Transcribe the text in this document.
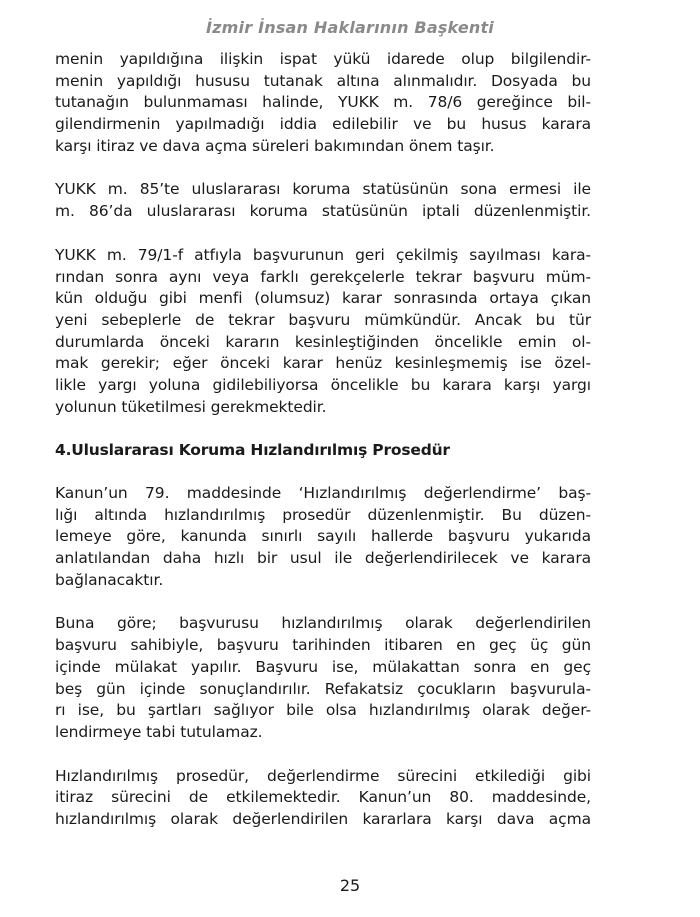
İzmir İnsan Haklarının Başkenti
menin yapıldığına ilişkin ispat yükü idarede olup bilgilendir-
menin yapıldığı hususu tutanak altına alınmalıdır. Dosyada bu
tutanağın bulunmaması halinde, YUKK m. 78/6 gereğince bil-
gilendirmenin yapılmadığı iddia edilebilir ve bu husus karara
karşı itiraz ve dava açma süreleri bakımından önem taşır.
YUKK m. 85’te uluslararası koruma statüsünün sona ermesi ile
m. 86’da uluslararası koruma statüsünün iptali düzenlenmiştir.
YUKK m. 79/1-f atfıyla başvurunun geri çekilmiş sayılması kara-
rından sonra aynı veya farklı gerekçelerle tekrar başvuru müm-
kün olduğu gibi menfi (olumsuz) karar sonrasında ortaya çıkan
yeni sebeplerle de tekrar başvuru mümkündür. Ancak bu tür
durumlarda önceki kararın kesinleştiğinden öncelikle emin ol-
mak gerekir; eğer önceki karar henüz kesinleşmemiş ise özel-
likle yargı yoluna gidilebiliyorsa öncelikle bu karara karşı yargı
yolunun tüketilmesi gerekmektedir.
4.Uluslararası Koruma Hızlandırılmış Prosedür
Kanun’un 79. maddesinde ‘Hızlandırılmış değerlendirme’ baş-
lığı altında hızlandırılmış prosedür düzenlenmiştir. Bu düzen-
lemeye göre, kanunda sınırlı sayılı hallerde başvuru yukarıda
anlatılandan daha hızlı bir usul ile değerlendirilecek ve karara
bağlanacaktır.
Buna göre; başvurusu hızlandırılmış olarak değerlendirilen
başvuru sahibiyle, başvuru tarihinden itibaren en geç üç gün
içinde mülakat yapılır. Başvuru ise, mülakattan sonra en geç
beş gün içinde sonuçlandırılır. Refakatsiz çocukların başvurula-
rı ise, bu şartları sağlıyor bile olsa hızlandırılmış olarak değer-
lendirmeye tabi tutulamaz.
Hızlandırılmış prosedür, değerlendirme sürecini etkilediği gibi
itiraz sürecini de etkilemektedir. Kanun’un 80. maddesinde,
hızlandırılmış olarak değerlendirilen kararlara karşı dava açma
25
